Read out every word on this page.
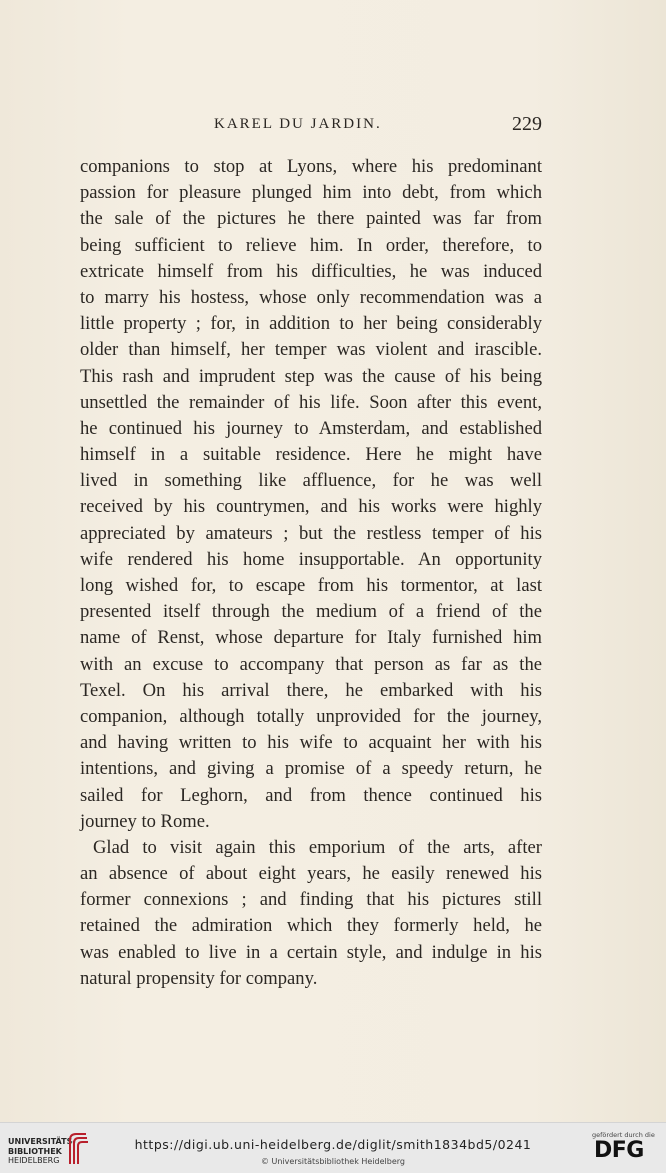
KAREL DU JARDIN.	229
companions to stop at Lyons, where his predominant
passion for pleasure plunged him into debt, from which
the sale of the pictures he there painted was far from
being sufficient to relieve him. In order, therefore, to
extricate himself from his difficulties, he was induced
to marry his hostess, whose only recommendation was a
little property ; for, in addition to her being considerably
older than himself, her temper was violent and irascible.
This rash and imprudent step was the cause of his being
unsettled the remainder of his life. Soon after this event,
he continued his journey to Amsterdam, and established
himself in a suitable residence. Here he might have
lived in something like affluence, for he was well
received by his countrymen, and his works were highly
appreciated by amateurs ; but the restless temper of his
wife rendered his home insupportable. An opportunity
long wished for, to escape from his tormentor, at last
presented itself through the medium of a friend of the
name of Renst, whose departure for Italy furnished him
with an excuse to accompany that person as far as the
Texel. On his arrival there, he embarked with his
companion, although totally unprovided for the journey,
and having written to his wife to acquaint her with his
intentions, and giving a promise of a speedy return, he
sailed for Leghorn, and from thence continued his
journey to Rome.
Glad to visit again this emporium of the arts, after
an absence of about eight years, he easily renewed his
former connexions ; and finding that his pictures still
retained the admiration which they formerly held, he
was enabled to live in a certain style, and indulge in his
natural propensity for company.
UNIVERSITÄTS-
BIBLIOTHEK
HEIDELBERG
https://digi.ub.uni-heidelberg.de/diglit/smith1834bd5/0241
© Universitätsbibliothek Heidelberg
gefördert durch die
DFG
